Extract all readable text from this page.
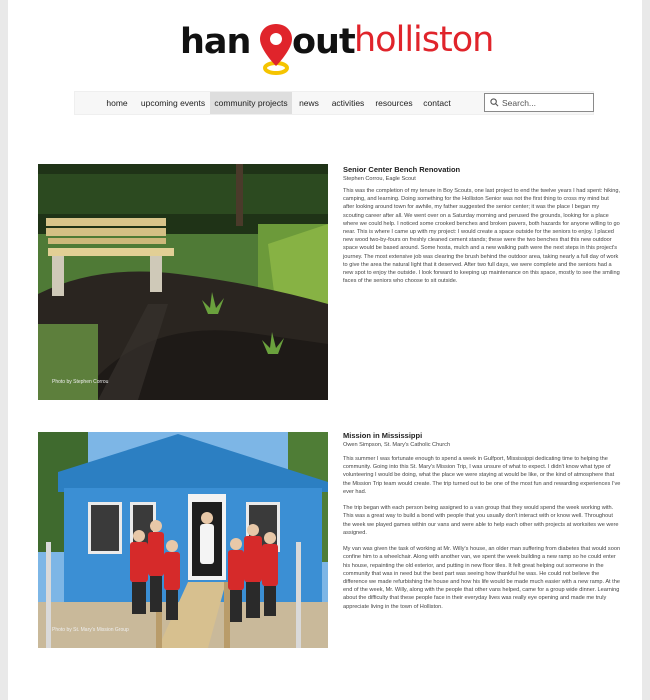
han out holliston
home	upcoming events	community projects	news	activities	resources	contact
Search...
Photo by Stephen Corrou
Senior Center Bench Renovation
Stephen Corrou, Eagle Scout

This was the completion of my tenure in Boy Scouts, one last project to end the twelve years I had spent: hiking, camping, and learning. Doing something for the Holliston Senior was not the first thing to cross my mind but after looking around town for awhile, my father suggested the senior center; it was the place I began my scouting career after all. We went over on a Saturday morning and perused the grounds, looking for a place where we could help. I noticed some crooked benches and broken pavers, both hazards for anyone willing to go near. This is where I came up with my project: I would create a space outside for the seniors to enjoy. I placed new wood two-by-fours on freshly cleaned cement stands; these were the two benches that this new outdoor space would be based around. Some hosta, mulch and a new walking path were the next steps in this project's journey. The most extensive job was clearing the brush behind the outdoor area, taking nearly a full day of work to give the area the natural light that it deserved. After two full days, we were complete and the seniors had a new spot to enjoy the outside. I look forward to keeping up maintenance on this space, mostly to see the smiling faces of the seniors who choose to sit outside.

Photo by St. Mary's Mission Group
Mission in Mississippi
Owen Simpson, St. Mary's Catholic Church

This summer I was fortunate enough to spend a week in Gulfport, Mississippi dedicating time to helping the community. Going into this St. Mary's Mission Trip, I was unsure of what to expect. I didn't know what type of volunteering I would be doing, what the place we were staying at would be like, or the kind of atmosphere that the Mission Trip team would create. The trip turned out to be one of the most fun and rewarding experiences I've ever had.

The trip began with each person being assigned to a van group that they would spend the week working with. This was a great way to build a bond with people that you usually don't interact with or know well. Throughout the week we played games within our vans and were able to help each other with projects at worksites we were assigned.

My van was given the task of working at Mr. Willy's house, an older man suffering from diabetes that would soon confine him to a wheelchair. Along with another van, we spent the week building a new ramp so he could enter his house, repainting the old exterior, and putting in new floor tiles. It felt great helping out someone in the community that was in need but the best part was seeing how thankful he was. He could not believe the difference we made refurbishing the house and how his life would be made much easier with a new ramp. At the end of the week, Mr. Willy, along with the people that other vans helped, came for a group wide dinner. Learning about the difficulty that these people face in their everyday lives was really eye opening and made me truly appreciate living in the town of Holliston.
